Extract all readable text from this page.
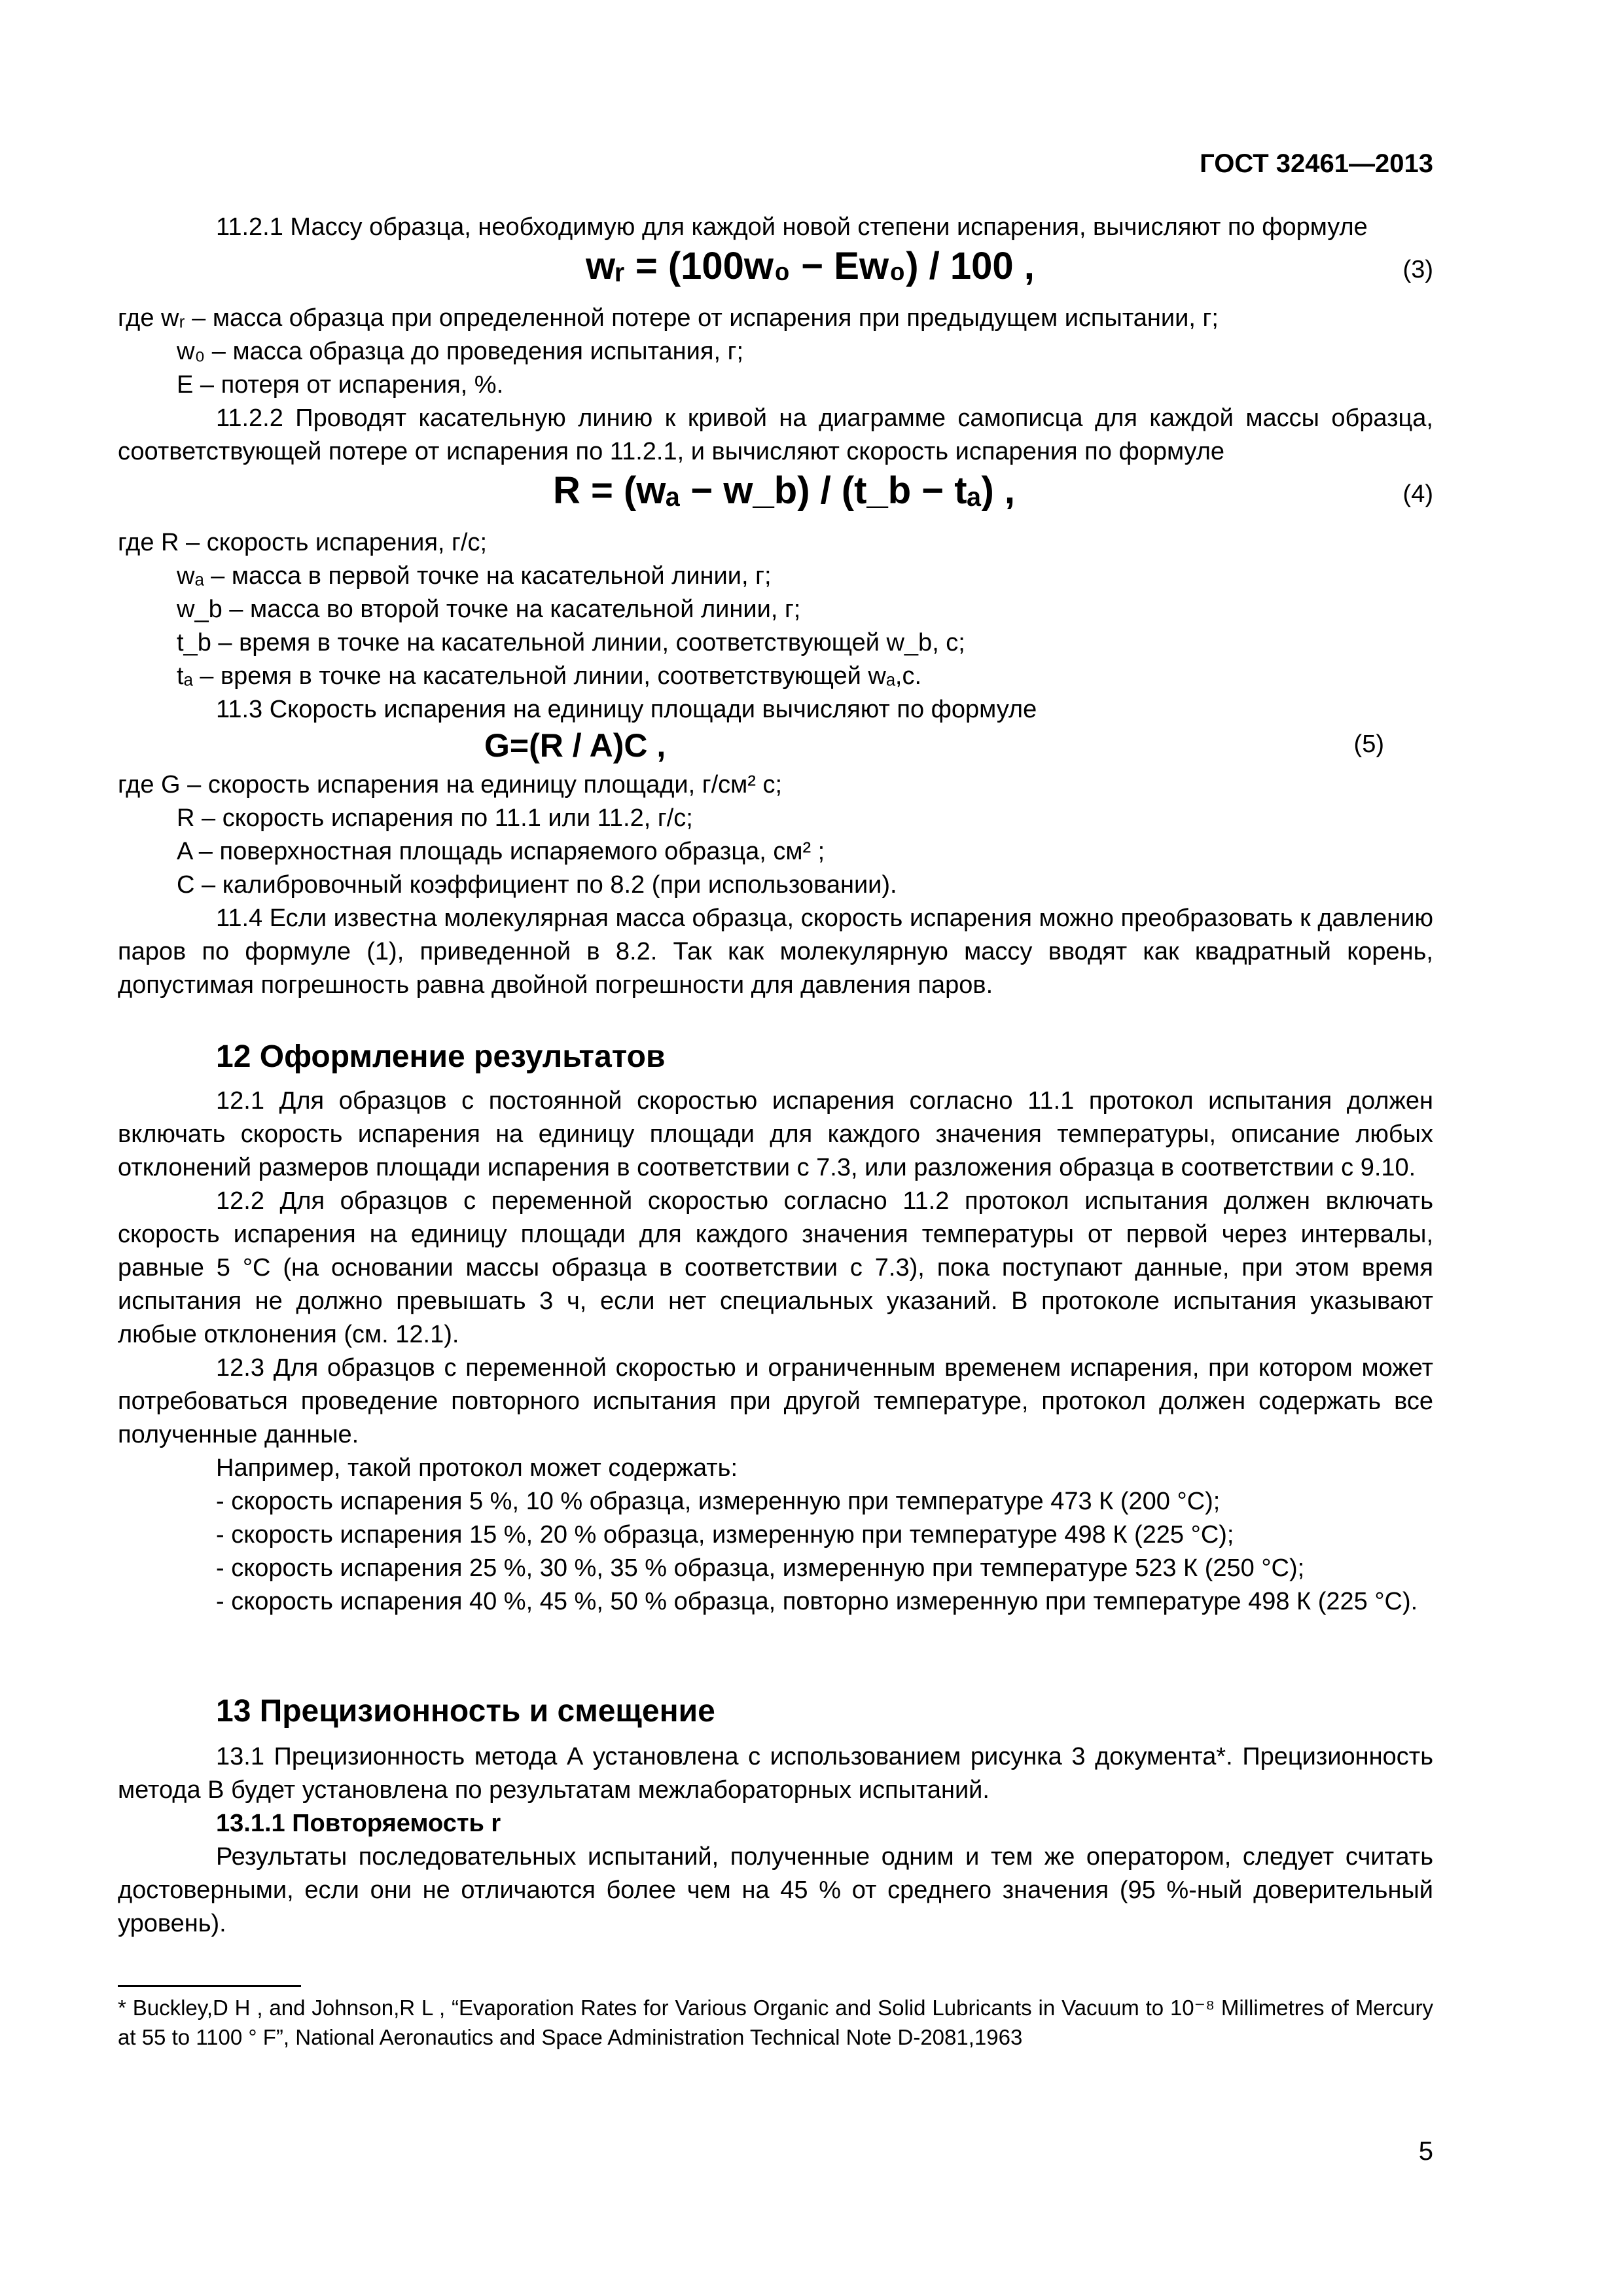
ГОСТ 32461—2013

11.2.1 Массу образца, необходимую для каждой новой степени испарения, вычисляют по формуле

wᵣ = (100w₀ − Ew₀) / 100 ,	(3)

где wᵣ – масса образца при определенной потере от испарения при предыдущем испытании, г;

w₀ – масса образца до проведения испытания, г;

E – потеря от испарения, %.

11.2.2 Проводят касательную линию к кривой на диаграмме самописца для каждой массы образца, соответствующей потере от испарения по 11.2.1, и вычисляют скорость испарения по формуле

R = (wₐ − w_b) / (t_b − tₐ) ,	(4)

где R – скорость испарения, г/с;

wₐ – масса в первой точке на касательной линии, г;

w_b – масса во второй точке на касательной линии, г;

t_b – время в точке на касательной линии, соответствующей w_b, с;

tₐ – время в точке на касательной линии, соответствующей wₐ,с.

11.3 Скорость испарения на единицу площади вычисляют по формуле

G=(R / A)C ,	(5)

где G – скорость испарения на единицу площади, г/см² с;

R – скорость испарения по 11.1 или 11.2, г/с;

A – поверхностная площадь испаряемого образца, см² ;

C – калибровочный коэффициент по 8.2 (при использовании).

11.4 Если известна молекулярная масса образца, скорость испарения можно преобразовать к давлению паров по формуле (1), приведенной в 8.2. Так как молекулярную массу вводят как квадратный корень, допустимая погрешность равна двойной погрешности для давления паров.

12 Оформление результатов

12.1 Для образцов с постоянной скоростью испарения согласно 11.1 протокол испытания должен включать скорость испарения на единицу площади для каждого значения температуры, описание любых отклонений размеров площади испарения в соответствии с 7.3, или разложения образца в соответствии с 9.10.

12.2 Для образцов с переменной скоростью согласно 11.2 протокол испытания должен включать скорость испарения на единицу площади для каждого значения температуры от первой через интервалы, равные 5 °С (на основании массы образца в соответствии с 7.3), пока поступают данные, при этом время испытания не должно превышать 3 ч, если нет специальных указаний. В протоколе испытания указывают любые отклонения (см. 12.1).

12.3 Для образцов с переменной скоростью и ограниченным временем испарения, при котором может потребоваться проведение повторного испытания при другой температуре, протокол должен содержать все полученные данные.

Например, такой протокол может содержать:

- скорость испарения 5 %, 10 % образца, измеренную при температуре 473 К (200 °С);

- скорость испарения 15 %, 20 % образца, измеренную при температуре 498 К (225 °С);

- скорость испарения 25 %, 30 %, 35 % образца, измеренную при температуре 523 К (250 °С);

- скорость испарения 40 %, 45 %, 50 % образца, повторно измеренную при температуре 498 К (225 °С).

13 Прецизионность и смещение

13.1 Прецизионность метода А установлена с использованием рисунка 3 документа*. Прецизионность метода В будет установлена по результатам межлабораторных испытаний.

13.1.1 Повторяемость r

Результаты последовательных испытаний, полученные одним и тем же оператором, следует считать достоверными, если они не отличаются более чем на 45 % от среднего значения (95 %-ный доверительный уровень).

* Buckley,D H , and Johnson,R L , “Evaporation Rates for Various Organic and Solid Lubricants in Vacuum to 10⁻⁸ Millimetres of Mercury at 55 to 1100 ° F”, National Aeronautics and Space Administration Technical Note D-2081,1963
5
